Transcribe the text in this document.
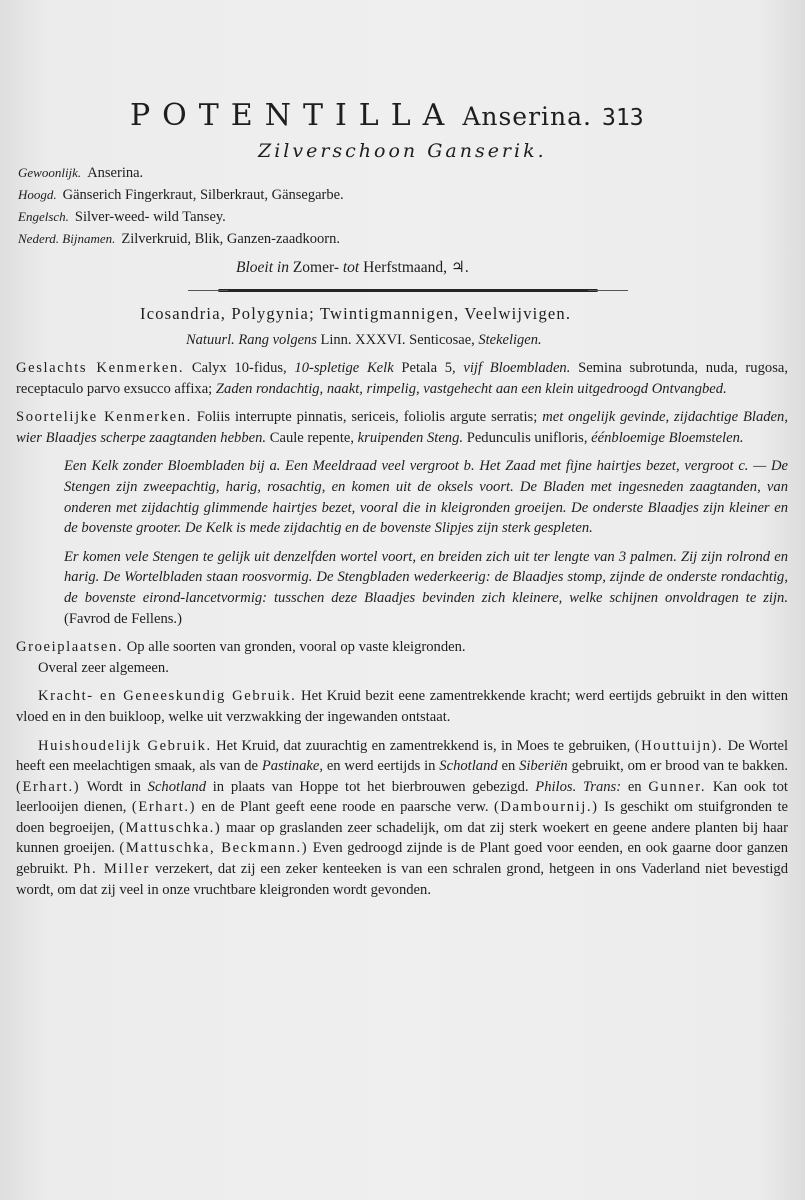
POTENTILLA Anserina. 313
Zilverschoon Ganserik.
Gewoonlijk. Anserina.
Hoogd. Gänserich Fingerkraut, Silberkraut, Gänsegarbe.
Engelsch. Silver-weed- wild Tansey.
Nederd. Bijnamen. Zilverkruid, Blik, Ganzen-zaadkoorn.
Bloeit in Zomer- tot Herfstmaand, ♃.
Icosandria, Polygynia; Twintigmannigen, Veelwijvigen.
Natuurl. Rang volgens Linn. XXXVI. Senticosae, Stekeligen.

Geslachts Kenmerken. Calyx 10-fidus, 10-spletige Kelk Petala 5, vijf Bloembladen. Semina subrotunda, nuda, rugosa, receptaculo parvo exsucco affixa; Zaden rondachtig, naakt, rimpelig, vastgehecht aan een klein uitgedroogd Ontvangbed.

Soortelijke Kenmerken. Foliis interrupte pinnatis, sericeis, foliolis argute serratis; met ongelijk gevinde, zijdachtige Bladen, wier Blaadjes scherpe zaagtanden hebben. Caule repente, kruipenden Steng. Pedunculis unifloris, éénbloemige Bloemstelen.

Een Kelk zonder Bloembladen bij a. Een Meeldraad veel vergroot b. Het Zaad met fijne hairtjes bezet, vergroot c. — De Stengen zijn zweepachtig, harig, rosachtig, en komen uit de oksels voort. De Bladen met ingesneden zaagtanden, van onderen met zijdachtig glimmende hairtjes bezet, vooral die in kleigronden groeijen. De onderste Blaadjes zijn kleiner en de bovenste grooter. De Kelk is mede zijdachtig en de bovenste Slipjes zijn sterk gespleten.

Er komen vele Stengen te gelijk uit denzelfden wortel voort, en breiden zich uit ter lengte van 3 palmen. Zij zijn rolrond en harig. De Wortelbladen staan roosvormig. De Stengbladen wederkeerig: de Blaadjes stomp, zijnde de onderste rondachtig, de bovenste eirond-lancetvormig: tusschen deze Blaadjes bevinden zich kleinere, welke schijnen onvoldragen te zijn. (Favrod de Fellens.)

Groeiplaatsen. Op alle soorten van gronden, vooral op vaste kleigronden.

Overal zeer algemeen.

Kracht- en Geneeskundig Gebruik. Het Kruid bezit eene zamentrekkende kracht; werd eertijds gebruikt in den witten vloed en in den buikloop, welke uit verzwakking der ingewanden ontstaat.

Huishoudelijk Gebruik. Het Kruid, dat zuurachtig en zamentrekkend is, in Moes te gebruiken, (Houttuijn). De Wortel heeft een meelachtigen smaak, als van de Pastinake, en werd eertijds in Schotland en Siberiën gebruikt, om er brood van te bakken. (Erhart.) Wordt in Schotland in plaats van Hoppe tot het bierbrouwen gebezigd. Philos. Trans: en Gunner. Kan ook tot leerlooijen dienen, (Erhart.) en de Plant geeft eene roode en paarsche verw. (Dambournij.) Is geschikt om stuifgronden te doen begroeijen, (Mattuschka.) maar op graslanden zeer schadelijk, om dat zij sterk woekert en geene andere planten bij haar kunnen groeijen. (Mattuschka, Beckmann.) Even gedroogd zijnde is de Plant goed voor eenden, en ook gaarne door ganzen gebruikt. Ph. Miller verzekert, dat zij een zeker kenteeken is van een schralen grond, hetgeen in ons Vaderland niet bevestigd wordt, om dat zij veel in onze vruchtbare kleigronden wordt gevonden.
